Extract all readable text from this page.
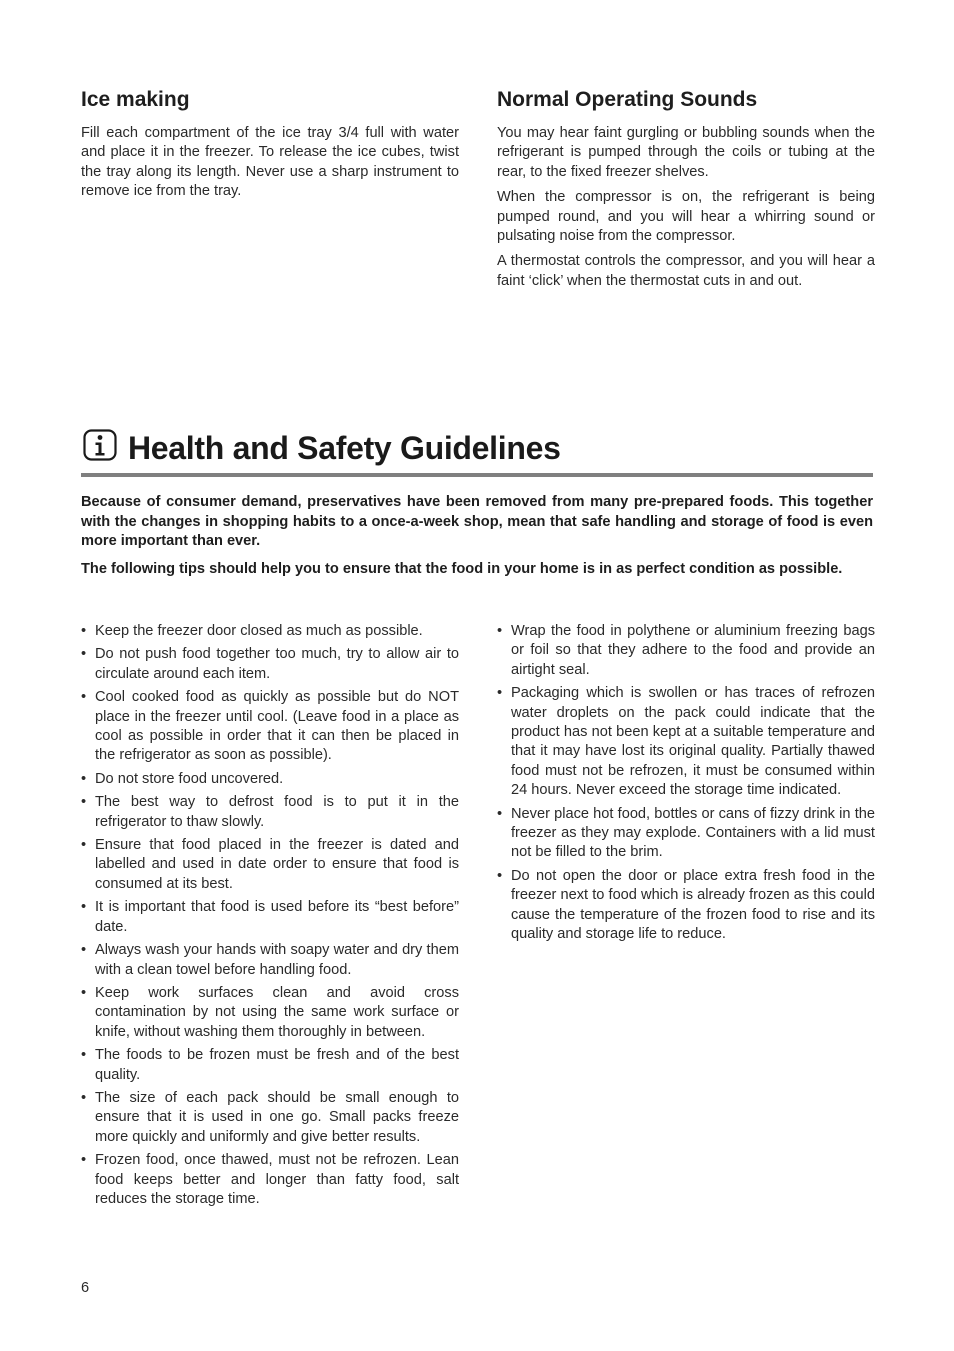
Ice making

Fill each compartment of the ice tray 3/4 full with water and place it in the freezer. To release the ice cubes, twist the tray along its length. Never use a sharp instrument to remove ice from the tray.

Normal Operating Sounds

You may hear faint gurgling or bubbling sounds when the refrigerant is pumped through the coils or tubing at the rear, to the fixed freezer shelves.

When the compressor is on, the refrigerant is being pumped round, and you will hear a whirring sound or pulsating noise from the compressor.

A thermostat controls the compressor, and you will hear a faint ‘click’ when the thermostat cuts in and out.

Health and Safety Guidelines

Because of consumer demand, preservatives have been removed from many pre-prepared foods. This together with the changes in shopping habits to a once-a-week shop, mean that safe handling and storage of food is even more important than ever.

The following tips should help you to ensure that the food in your home is in as perfect condition as possible.

• Keep the freezer door closed as much as possible.
• Do not push food together too much, try to allow air to circulate around each item.
• Cool cooked food as quickly as possible but do NOT place in the freezer until cool. (Leave food in a place as cool as possible in order that it can then be placed in the refrigerator as soon as possible).
• Do not store food uncovered.
• The best way to defrost food is to put it in the refrigerator to thaw slowly.
• Ensure that food placed in the freezer is dated and labelled and used in date order to ensure that food is consumed at its best.
• It is important that food is used before its “best before” date.
• Always wash your hands with soapy water and dry them with a clean towel before handling food.
• Keep work surfaces clean and avoid cross contamination by not using the same work surface or knife, without washing them thoroughly in between.
• The foods to be frozen must be fresh and of the best quality.
• The size of each pack should be small enough to ensure that it is used in one go. Small packs freeze more quickly and uniformly and give better results.
• Frozen food, once thawed, must not be refrozen. Lean food keeps better and longer than fatty food, salt reduces the storage time.
• Wrap the food in polythene or aluminium freezing bags or foil so that they adhere to the food and provide an airtight seal.
• Packaging which is swollen or has traces of refrozen water droplets on the pack could indicate that the product has not been kept at a suitable temperature and that it may have lost its original quality. Partially thawed food must not be refrozen, it must be consumed within 24 hours. Never exceed the storage time indicated.
• Never place hot food, bottles or cans of fizzy drink in the freezer as they may explode. Containers with a lid must not be filled to the brim.
• Do not open the door or place extra fresh food in the freezer next to food which is already frozen as this could cause the temperature of the frozen food to rise and its quality and storage life to reduce.
6
